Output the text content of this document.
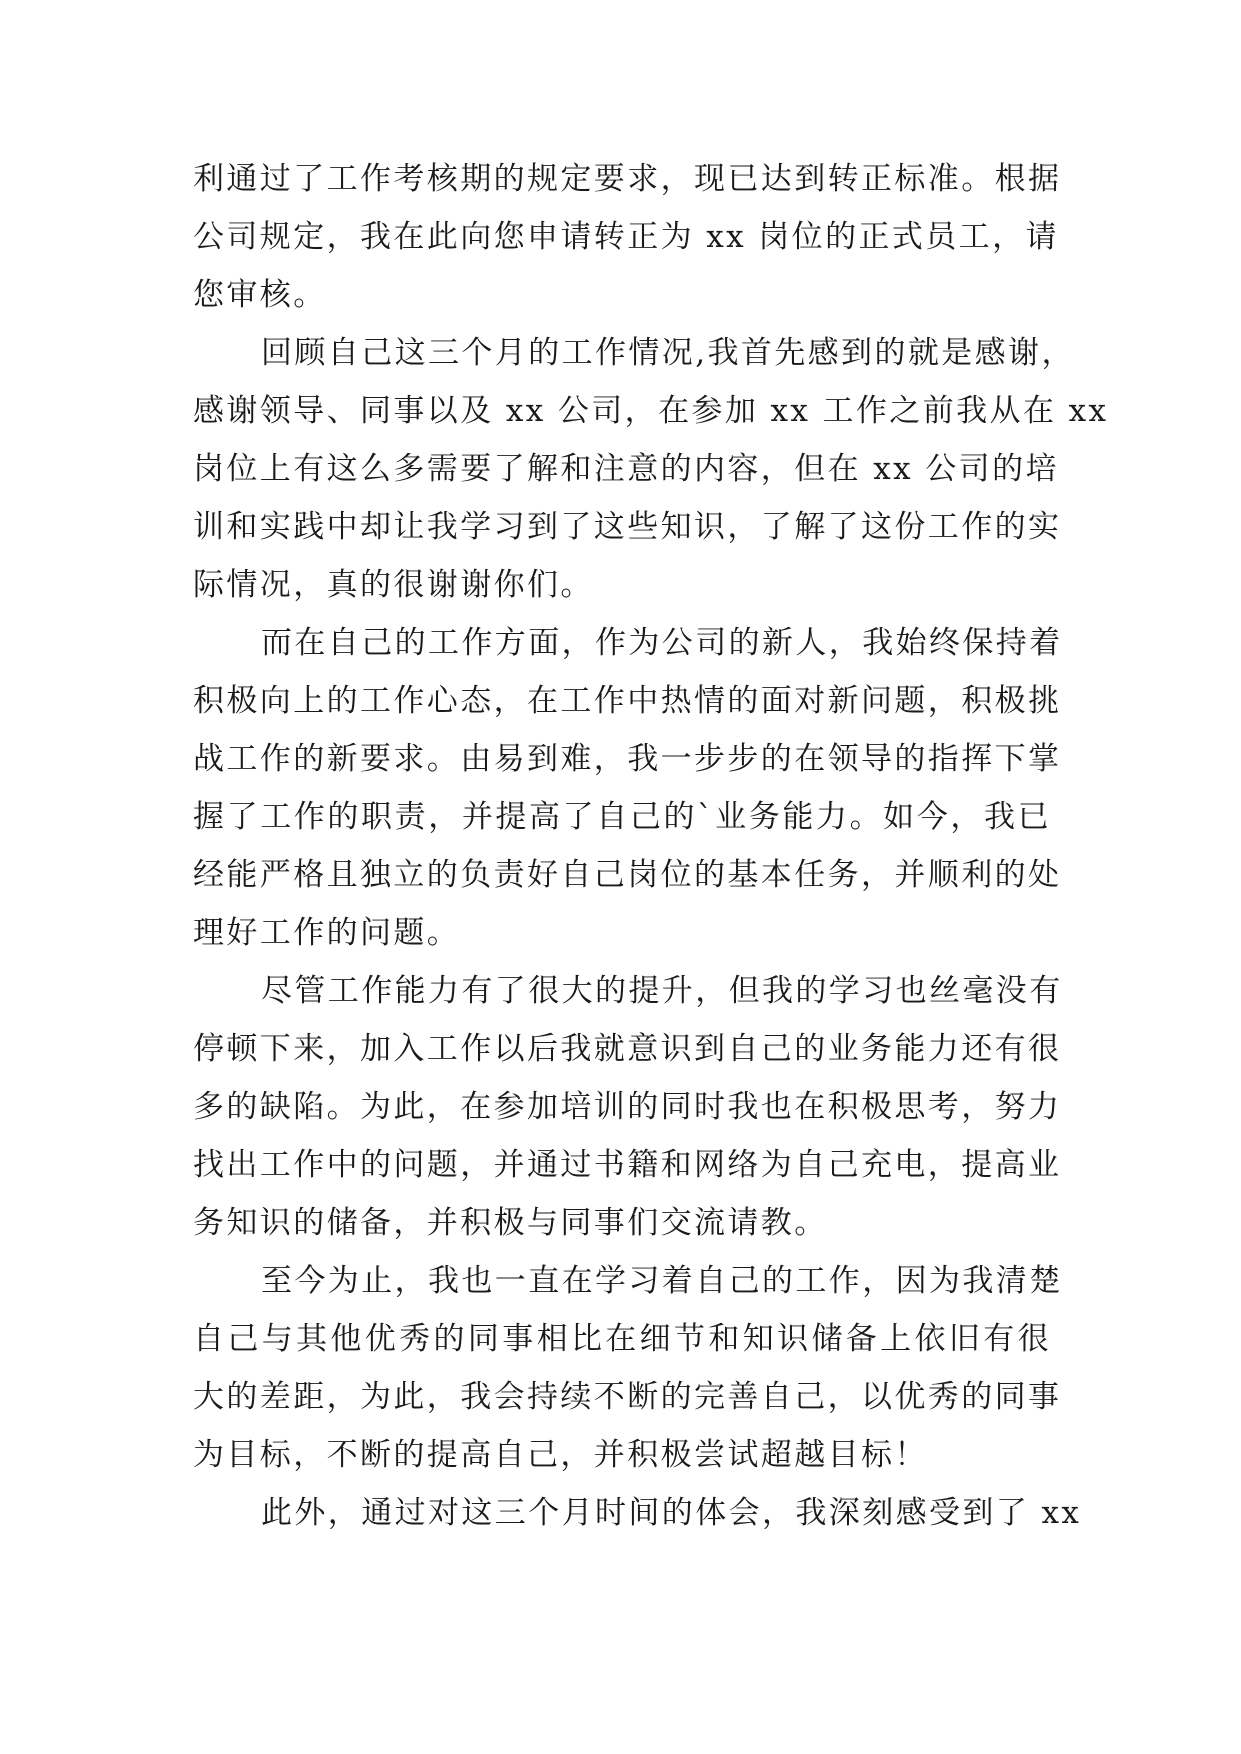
利通过了工作考核期的规定要求，现已达到转正标准。根据
公司规定，我在此向您申请转正为 xx 岗位的正式员工，请
您审核。
回顾自己这三个月的工作情况,我首先感到的就是感谢，
感谢领导、同事以及 xx 公司，在参加 xx 工作之前我从在 xx
岗位上有这么多需要了解和注意的内容，但在 xx 公司的培
训和实践中却让我学习到了这些知识，了解了这份工作的实
际情况，真的很谢谢你们。
而在自己的工作方面，作为公司的新人，我始终保持着
积极向上的工作心态，在工作中热情的面对新问题，积极挑
战工作的新要求。由易到难，我一步步的在领导的指挥下掌
握了工作的职责，并提高了自己的`业务能力。如今，我已
经能严格且独立的负责好自己岗位的基本任务，并顺利的处
理好工作的问题。
尽管工作能力有了很大的提升，但我的学习也丝毫没有
停顿下来，加入工作以后我就意识到自己的业务能力还有很
多的缺陷。为此，在参加培训的同时我也在积极思考，努力
找出工作中的问题，并通过书籍和网络为自己充电，提高业
务知识的储备，并积极与同事们交流请教。
至今为止，我也一直在学习着自己的工作，因为我清楚
自己与其他优秀的同事相比在细节和知识储备上依旧有很
大的差距，为此，我会持续不断的完善自己，以优秀的同事
为目标，不断的提高自己，并积极尝试超越目标！
此外，通过对这三个月时间的体会，我深刻感受到了 xx
